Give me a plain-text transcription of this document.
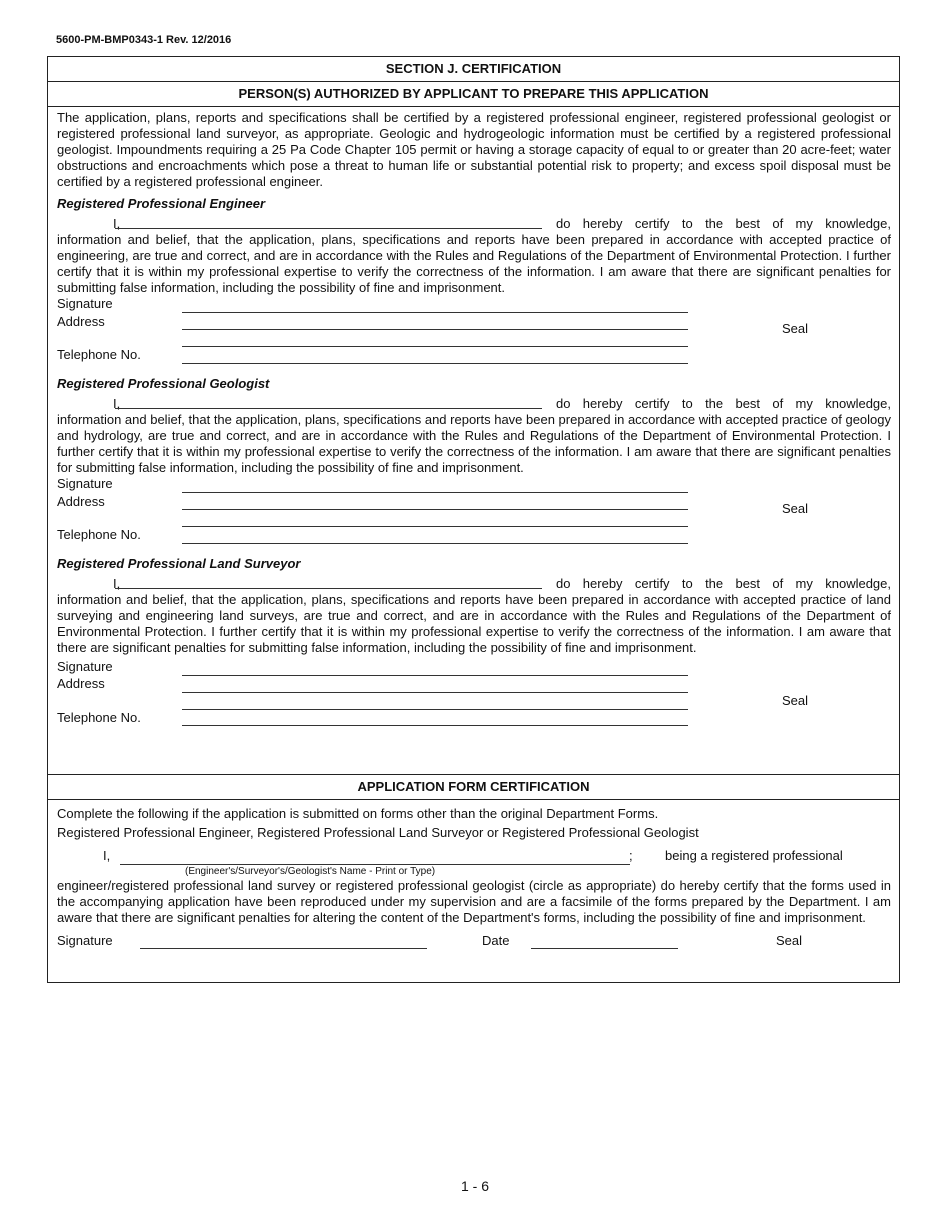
5600-PM-BMP0343-1 Rev. 12/2016
SECTION J. CERTIFICATION
PERSON(S) AUTHORIZED BY APPLICANT TO PREPARE THIS APPLICATION

The application, plans, reports and specifications shall be certified by a registered professional engineer, registered professional geologist or registered professional land surveyor, as appropriate. Geologic and hydrogeologic information must be certified by a registered professional geologist. Impoundments requiring a 25 Pa Code Chapter 105 permit or having a storage capacity of equal to or greater than 20 acre-feet; water obstructions and encroachments which pose a threat to human life or substantial potential risk to property; and excess spoil disposal must be certified by a registered professional engineer.

Registered Professional Engineer
I,	do hereby certify to the best of my knowledge,

information and belief, that the application, plans, specifications and reports have been prepared in accordance with accepted practice of engineering, are true and correct, and are in accordance with the Rules and Regulations of the Department of Environmental Protection. I further certify that it is within my professional expertise to verify the correctness of the information. I am aware that there are significant penalties for submitting false information, including the possibility of fine and imprisonment.

Signature
Address
Telephone No.
Seal
Registered Professional Geologist
I,	do hereby certify to the best of my knowledge,

information and belief, that the application, plans, specifications and reports have been prepared in accordance with accepted practice of geology and hydrology, are true and correct, and are in accordance with the Rules and Regulations of the Department of Environmental Protection. I further certify that it is within my professional expertise to verify the correctness of the information. I am aware that there are significant penalties for submitting false information, including the possibility of fine and imprisonment.

Signature
Address
Telephone No.
Seal
Registered Professional Land Surveyor
I,	do hereby certify to the best of my knowledge,

information and belief, that the application, plans, specifications and reports have been prepared in accordance with accepted practice of land surveying and engineering land surveys, are true and correct, and are in accordance with the Rules and Regulations of the Department of Environmental Protection. I further certify that it is within my professional expertise to verify the correctness of the information. I am aware that there are significant penalties for submitting false information, including the possibility of fine and imprisonment.

Signature
Address
Telephone No.
Seal
APPLICATION FORM CERTIFICATION
Complete the following if the application is submitted on forms other than the original Department Forms.
Registered Professional Engineer, Registered Professional Land Surveyor or Registered Professional Geologist
I,	; being a registered professional
(Engineer's/Surveyor's/Geologist's Name - Print or Type)

engineer/registered professional land survey or registered professional geologist (circle as appropriate) do hereby certify that the forms used in the accompanying application have been reproduced under my supervision and are a facsimile of the forms prepared by the Department. I am aware that there are significant penalties for altering the content of the Department's forms, including the possibility of fine and imprisonment.

Signature	Date	Seal
1 - 6
